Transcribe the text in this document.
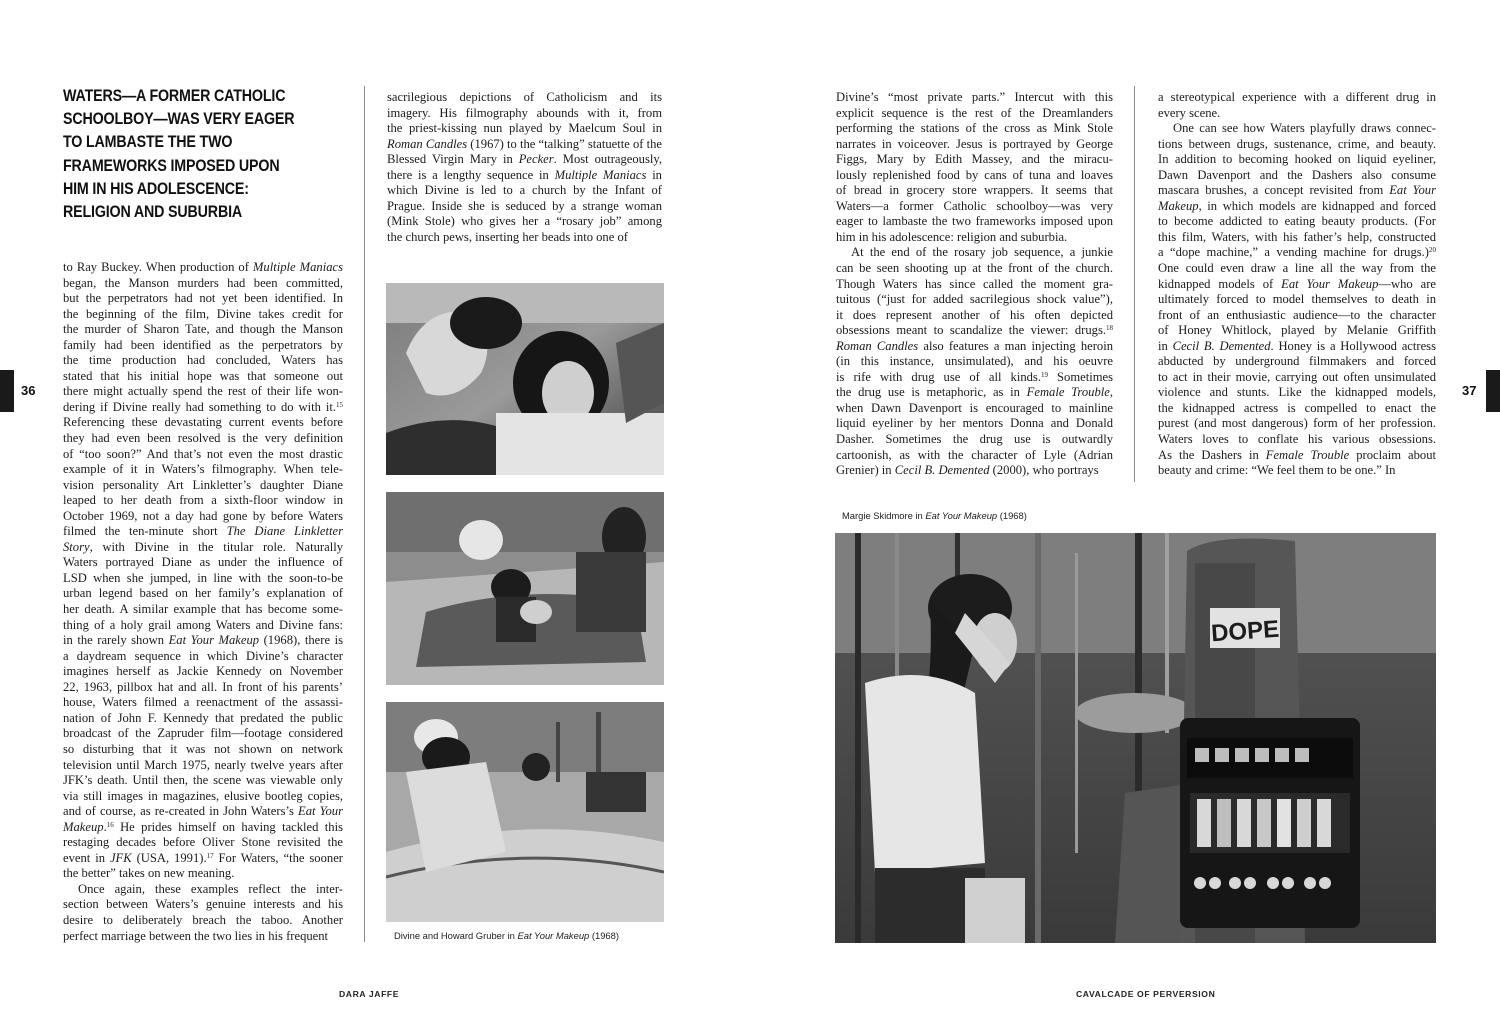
WATERS—A FORMER CATHOLIC
SCHOOLBOY—WAS VERY EAGER
TO LAMBASTE THE TWO
FRAMEWORKS IMPOSED UPON
HIM IN HIS ADOLESCENCE:
RELIGION AND SUBURBIA
to Ray Buckey. When production of Multiple Maniacs
began, the Manson murders had been committed,
but the perpetrators had not yet been identified. In
the beginning of the film, Divine takes credit for
the murder of Sharon Tate, and though the Manson
family had been identified as the perpetrators by
the time production had concluded, Waters has
stated that his initial hope was that someone out
there might actually spend the rest of their life won-
dering if Divine really had something to do with it.$^{15}$
Referencing these devastating current events before
they had even been resolved is the very definition
of “too soon?” And that’s not even the most drastic
example of it in Waters’s filmography. When tele-
vision personality Art Linkletter’s daughter Diane
leaped to her death from a sixth-floor window in
October 1969, not a day had gone by before Waters
filmed the ten-minute short The Diane Linkletter
Story, with Divine in the titular role. Naturally
Waters portrayed Diane as under the influence of
LSD when she jumped, in line with the soon-to-be
urban legend based on her family’s explanation of
her death. A similar example that has become some-
thing of a holy grail among Waters and Divine fans:
in the rarely shown Eat Your Makeup (1968), there is
a daydream sequence in which Divine’s character
imagines herself as Jackie Kennedy on November
22, 1963, pillbox hat and all. In front of his parents’
house, Waters filmed a reenactment of the assassi-
nation of John F. Kennedy that predated the public
broadcast of the Zapruder film—footage considered
so disturbing that it was not shown on network
television until March 1975, nearly twelve years after
JFK’s death. Until then, the scene was viewable only
via still images in magazines, elusive bootleg copies,
and of course, as re-created in John Waters’s Eat Your
Makeup.$^{16}$ He prides himself on having tackled this
restaging decades before Oliver Stone revisited the
event in JFK (USA, 1991).$^{17}$ For Waters, “the sooner
the better” takes on new meaning.
Once again, these examples reflect the inter-
section between Waters’s genuine interests and his
desire to deliberately breach the taboo. Another
perfect marriage between the two lies in his frequent
sacrilegious depictions of Catholicism and its
imagery. His filmography abounds with it, from
the priest-kissing nun played by Maelcum Soul in
Roman Candles (1967) to the “talking” statuette of the
Blessed Virgin Mary in Pecker. Most outrageously,
there is a lengthy sequence in Multiple Maniacs in
which Divine is led to a church by the Infant of
Prague. Inside she is seduced by a strange woman
(Mink Stole) who gives her a “rosary job” among
the church pews, inserting her beads into one of
Divine’s “most private parts.” Intercut with this
explicit sequence is the rest of the Dreamlanders
performing the stations of the cross as Mink Stole
narrates in voiceover. Jesus is portrayed by George
Figgs, Mary by Edith Massey, and the miracu-
lously replenished food by cans of tuna and loaves
of bread in grocery store wrappers. It seems that
Waters—a former Catholic schoolboy—was very
eager to lambaste the two frameworks imposed upon
him in his adolescence: religion and suburbia.
At the end of the rosary job sequence, a junkie
can be seen shooting up at the front of the church.
Though Waters has since called the moment gra-
tuitous (“just for added sacrilegious shock value”),
it does represent another of his often depicted
obsessions meant to scandalize the viewer: drugs.$^{18}$
Roman Candles also features a man injecting heroin
(in this instance, unsimulated), and his oeuvre
is rife with drug use of all kinds.$^{19}$ Sometimes
the drug use is metaphoric, as in Female Trouble,
when Dawn Davenport is encouraged to mainline
liquid eyeliner by her mentors Donna and Donald
Dasher. Sometimes the drug use is outwardly
cartoonish, as with the character of Lyle (Adrian
Grenier) in Cecil B. Demented (2000), who portrays
a stereotypical experience with a different drug in
every scene.
One can see how Waters playfully draws connec-
tions between drugs, sustenance, crime, and beauty.
In addition to becoming hooked on liquid eyeliner,
Dawn Davenport and the Dashers also consume
mascara brushes, a concept revisited from Eat Your
Makeup, in which models are kidnapped and forced
to become addicted to eating beauty products. (For
this film, Waters, with his father’s help, constructed
a “dope machine,” a vending machine for drugs.)$^{20}$
One could even draw a line all the way from the
kidnapped models of Eat Your Makeup—who are
ultimately forced to model themselves to death in
front of an enthusiastic audience—to the character
of Honey Whitlock, played by Melanie Griffith
in Cecil B. Demented. Honey is a Hollywood actress
abducted by underground filmmakers and forced
to act in their movie, carrying out often unsimulated
violence and stunts. Like the kidnapped models,
the kidnapped actress is compelled to enact the
purest (and most dangerous) form of her profession.
Waters loves to conflate his various obsessions.
As the Dashers in Female Trouble proclaim about
beauty and crime: “We feel them to be one.” In
36	37
Divine and Howard Gruber in Eat Your Makeup (1968)
Margie Skidmore in Eat Your Makeup (1968)
DOPE
DARA JAFFE	CAVALCADE OF PERVERSION
